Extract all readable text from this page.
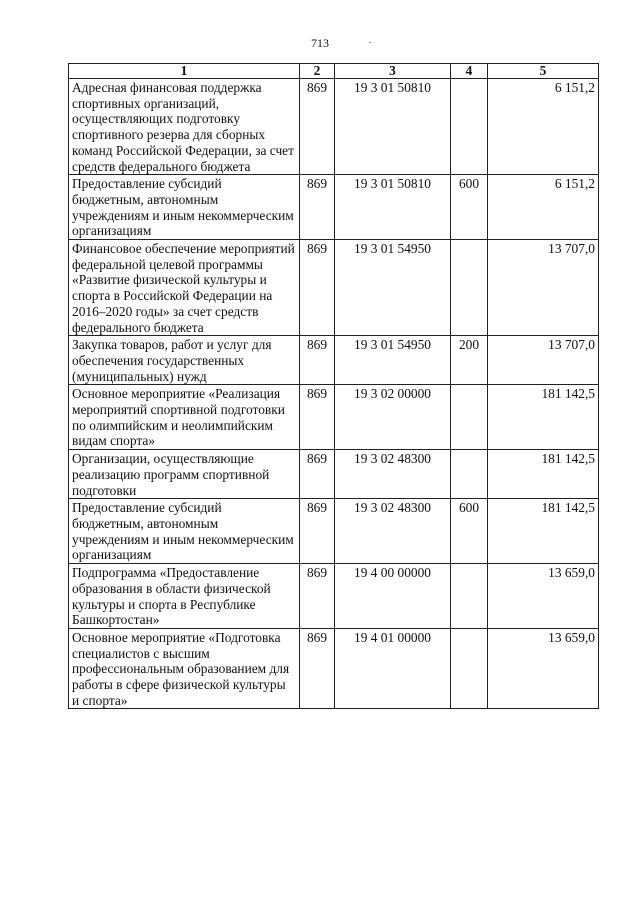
713
1	2	3	4	5
Адресная финансовая поддержка спортивных организаций, осуществляющих подготовку спортивного резерва для сборных команд Российской Федерации, за счет средств федерального бюджета	869	19 3 01 50810		6 151,2
Предоставление субсидий бюджетным, автономным учреждениям и иным некоммерческим организациям	869	19 3 01 50810	600	6 151,2
Финансовое обеспечение мероприятий федеральной целевой программы «Развитие физической культуры и спорта в Российской Федерации на 2016–2020 годы» за счет средств федерального бюджета	869	19 3 01 54950		13 707,0
Закупка товаров, работ и услуг для обеспечения государственных (муниципальных) нужд	869	19 3 01 54950	200	13 707,0
Основное мероприятие «Реализация мероприятий спортивной подготовки по олимпийским и неолимпийским видам спорта»	869	19 3 02 00000		181 142,5
Организации, осуществляющие реализацию программ спортивной подготовки	869	19 3 02 48300		181 142,5
Предоставление субсидий бюджетным, автономным учреждениям и иным некоммерческим организациям	869	19 3 02 48300	600	181 142,5
Подпрограмма «Предоставление образования в области физической культуры и спорта в Республике Башкортостан»	869	19 4 00 00000		13 659,0
Основное мероприятие «Подготовка специалистов с высшим профессиональным образованием для работы в сфере физической культуры и спорта»	869	19 4 01 00000		13 659,0
